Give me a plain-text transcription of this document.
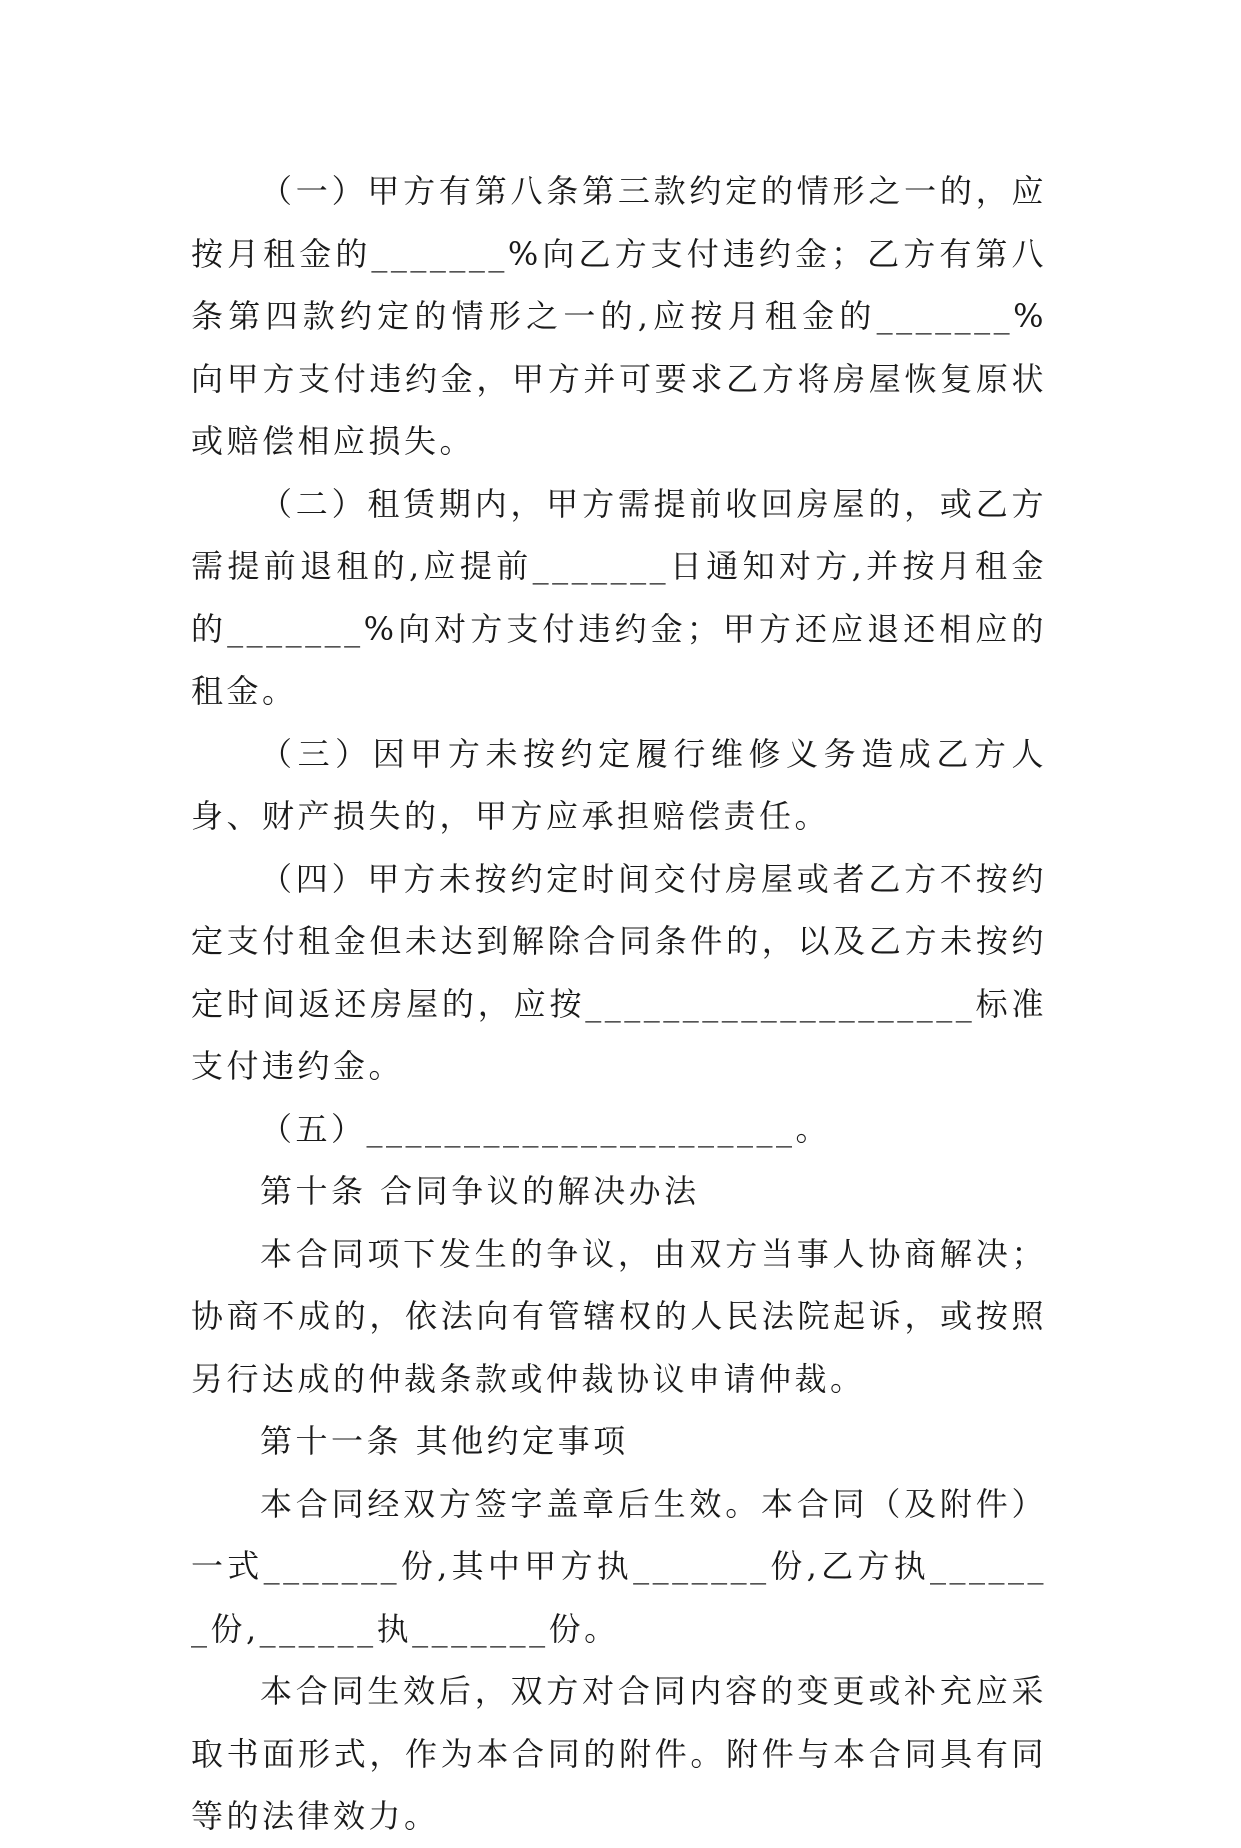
（一）甲方有第八条第三款约定的情形之一的，应按月租金的_______%向乙方支付违约金；乙方有第八条第四款约定的情形之一的,应按月租金的_______%向甲方支付违约金，甲方并可要求乙方将房屋恢复原状或赔偿相应损失。

（二）租赁期内，甲方需提前收回房屋的，或乙方需提前退租的,应提前_______日通知对方,并按月租金的_______%向对方支付违约金；甲方还应退还相应的租金。

（三）因甲方未按约定履行维修义务造成乙方人身、财产损失的，甲方应承担赔偿责任。

（四）甲方未按约定时间交付房屋或者乙方不按约定支付租金但未达到解除合同条件的，以及乙方未按约定时间返还房屋的，应按____________________标准支付违约金。

（五）______________________。

第十条 合同争议的解决办法

本合同项下发生的争议，由双方当事人协商解决；协商不成的，依法向有管辖权的人民法院起诉，或按照另行达成的仲裁条款或仲裁协议申请仲裁。

第十一条 其他约定事项

本合同经双方签字盖章后生效。本合同（及附件）一式_______份,其中甲方执_______份,乙方执_______份,______执_______份。

本合同生效后，双方对合同内容的变更或补充应采取书面形式，作为本合同的附件。附件与本合同具有同等的法律效力。
